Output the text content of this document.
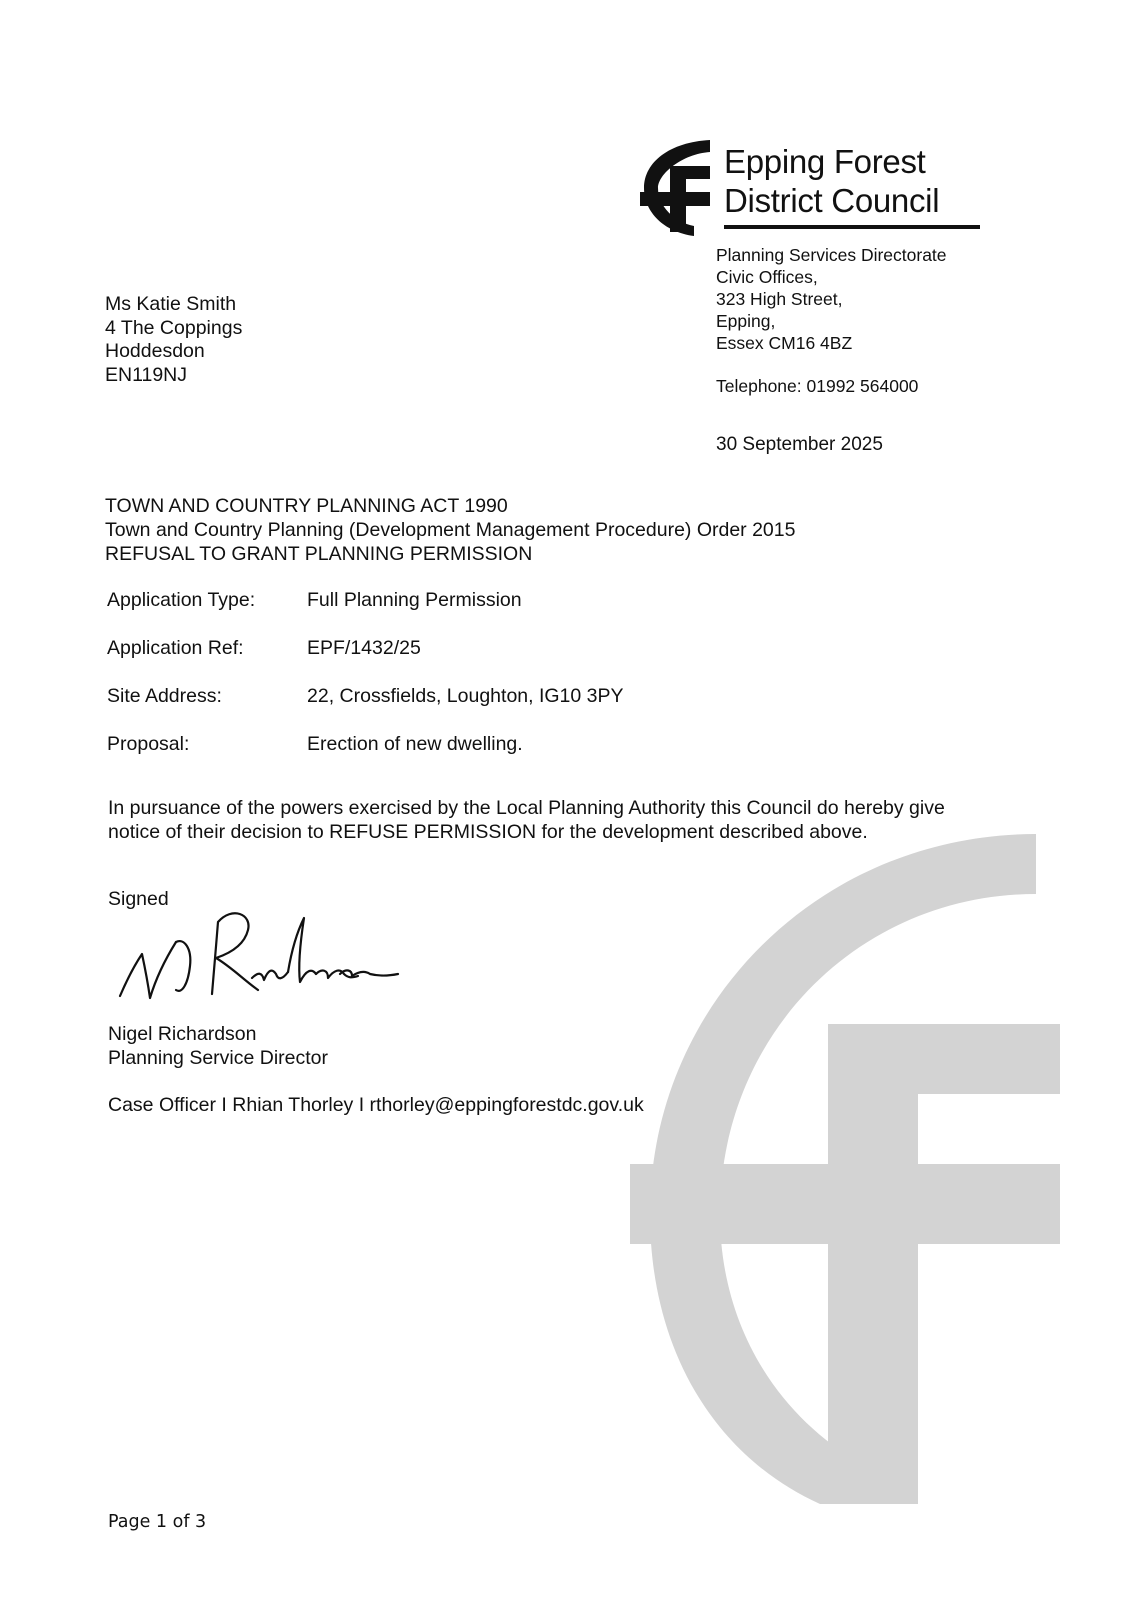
Epping Forest
District Council
Planning Services Directorate
Civic Offices,
323 High Street,
Epping,
Essex CM16 4BZ
Telephone: 01992 564000
30 September 2025
Ms Katie Smith
4 The Coppings
Hoddesdon
EN119NJ
TOWN AND COUNTRY PLANNING ACT 1990
Town and Country Planning (Development Management Procedure) Order 2015
REFUSAL TO GRANT PLANNING PERMISSION
Application Type:	Full Planning Permission
Application Ref:	EPF/1432/25
Site Address:	22, Crossfields, Loughton, IG10 3PY
Proposal:	Erection of new dwelling.
In pursuance of the powers exercised by the Local Planning Authority this Council do hereby give
notice of their decision to REFUSE PERMISSION for the development described above.
Signed
Nigel Richardson
Planning Service Director
Case Officer I Rhian Thorley I rthorley@eppingforestdc.gov.uk
Page 1 of 3
